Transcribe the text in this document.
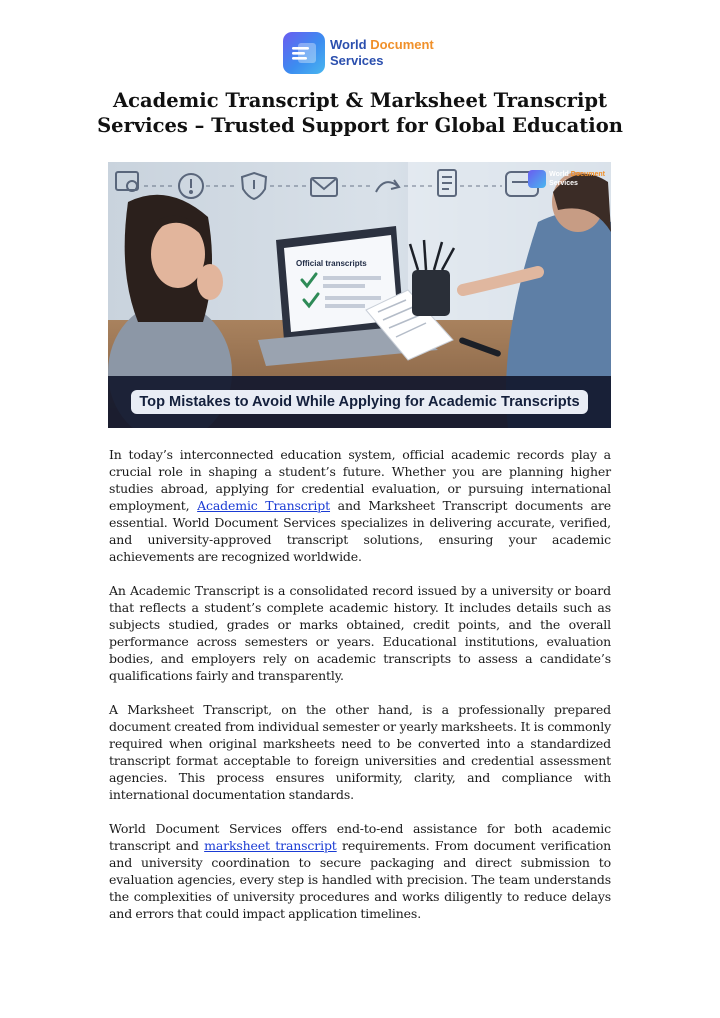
World Document
Services
Academic Transcript & Marksheet Transcript Services – Trusted Support for Global Education
Official transcripts
World Document
Services
Top Mistakes to Avoid While Applying for Academic Transcripts

In today’s interconnected education system, official academic records play a crucial role in shaping a student’s future. Whether you are planning higher studies abroad, applying for credential evaluation, or pursuing international employment, Academic Transcript and Marksheet Transcript documents are essential. World Document Services specializes in delivering accurate, verified, and university-approved transcript solutions, ensuring your academic achievements are recognized worldwide.

An Academic Transcript is a consolidated record issued by a university or board that reflects a student’s complete academic history. It includes details such as subjects studied, grades or marks obtained, credit points, and the overall performance across semesters or years. Educational institutions, evaluation bodies, and employers rely on academic transcripts to assess a candidate’s qualifications fairly and transparently.

A Marksheet Transcript, on the other hand, is a professionally prepared document created from individual semester or yearly marksheets. It is commonly required when original marksheets need to be converted into a standardized transcript format acceptable to foreign universities and credential assessment agencies. This process ensures uniformity, clarity, and compliance with international documentation standards.

World Document Services offers end-to-end assistance for both academic transcript and marksheet transcript requirements. From document verification and university coordination to secure packaging and direct submission to evaluation agencies, every step is handled with precision. The team understands the complexities of university procedures and works diligently to reduce delays and errors that could impact application timelines.
